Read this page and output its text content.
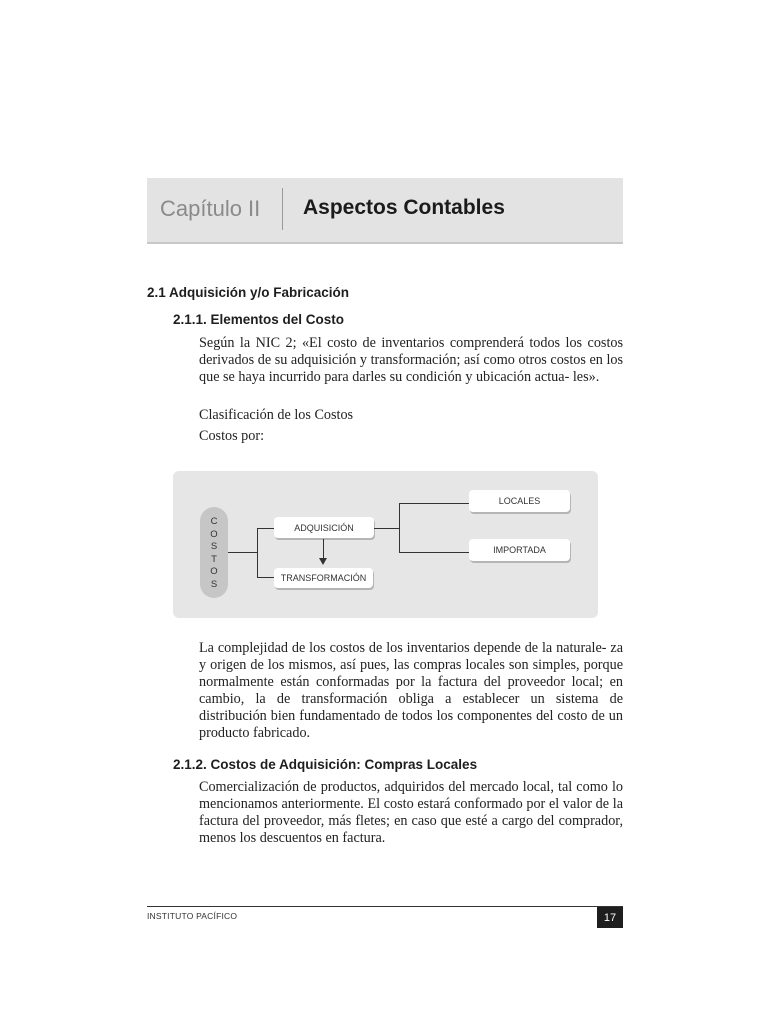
Capítulo II Aspectos Contables
2.1 Adquisición y/o Fabricación
2.1.1. Elementos del Costo
Según la NIC 2; «El costo de inventarios comprenderá todos los costos derivados de su adquisición y transformación; así como otros costos en los que se haya incurrido para darles su condición y ubicación actua- les».
Clasificación de los Costos
Costos por:
C
O
S
T
O
S
ADQUISICIÓN
TRANSFORMACIÓN
LOCALES
IMPORTADA
La complejidad de los costos de los inventarios depende de la naturale- za y origen de los mismos, así pues, las compras locales son simples, porque normalmente están conformadas por la factura del proveedor local; en cambio, la de transformación obliga a establecer un sistema de distribución bien fundamentado de todos los componentes del costo de un producto fabricado.
2.1.2. Costos de Adquisición: Compras Locales
Comercialización de productos, adquiridos del mercado local, tal como lo mencionamos anteriormente. El costo estará conformado por el valor de la factura del proveedor, más fletes; en caso que esté a cargo del comprador, menos los descuentos en factura.
INSTITUTO PACÍFICO	17
